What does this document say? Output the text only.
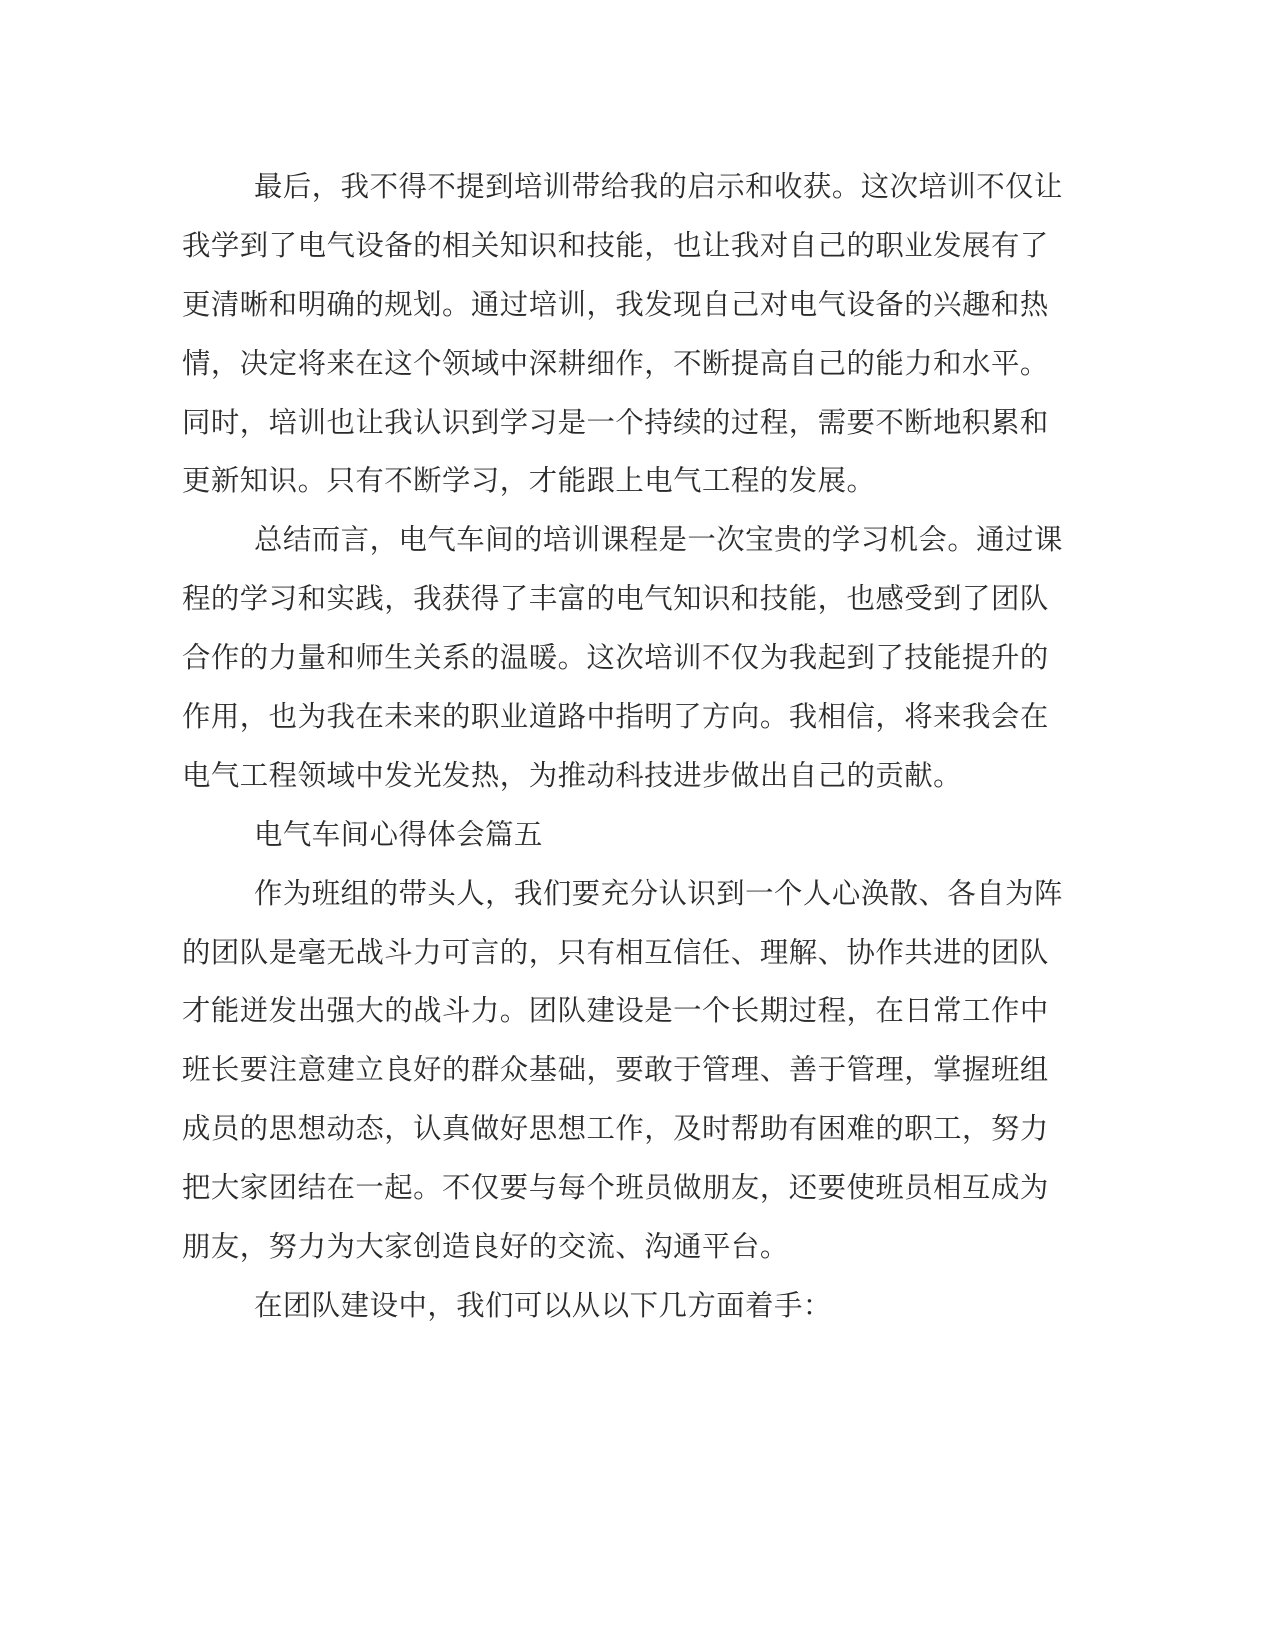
最后，我不得不提到培训带给我的启示和收获。这次培训不仅让
我学到了电气设备的相关知识和技能，也让我对自己的职业发展有了
更清晰和明确的规划。通过培训，我发现自己对电气设备的兴趣和热
情，决定将来在这个领域中深耕细作，不断提高自己的能力和水平。
同时，培训也让我认识到学习是一个持续的过程，需要不断地积累和
更新知识。只有不断学习，才能跟上电气工程的发展。
总结而言，电气车间的培训课程是一次宝贵的学习机会。通过课
程的学习和实践，我获得了丰富的电气知识和技能，也感受到了团队
合作的力量和师生关系的温暖。这次培训不仅为我起到了技能提升的
作用，也为我在未来的职业道路中指明了方向。我相信，将来我会在
电气工程领域中发光发热，为推动科技进步做出自己的贡献。
电气车间心得体会篇五
作为班组的带头人，我们要充分认识到一个人心涣散、各自为阵
的团队是毫无战斗力可言的，只有相互信任、理解、协作共进的团队
才能迸发出强大的战斗力。团队建设是一个长期过程，在日常工作中
班长要注意建立良好的群众基础，要敢于管理、善于管理，掌握班组
成员的思想动态，认真做好思想工作，及时帮助有困难的职工，努力
把大家团结在一起。不仅要与每个班员做朋友，还要使班员相互成为
朋友，努力为大家创造良好的交流、沟通平台。
在团队建设中，我们可以从以下几方面着手：
